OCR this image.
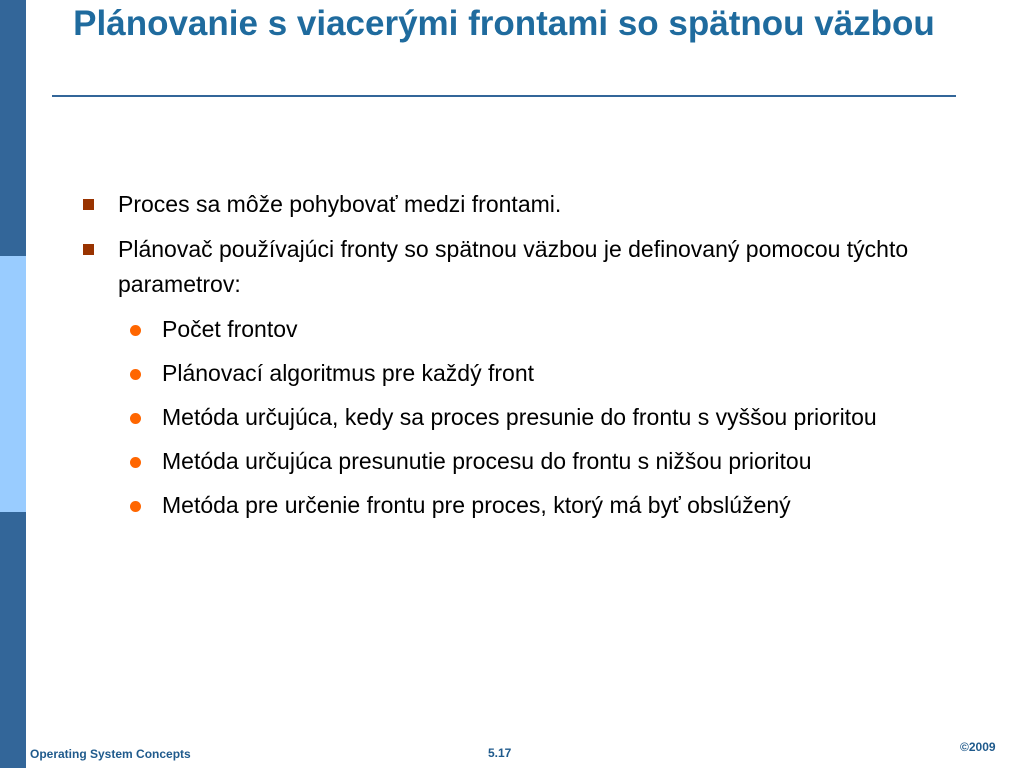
Plánovanie s viacerými frontami so spätnou väzbou
Proces sa môže pohybovať medzi frontami.
Plánovač používajúci fronty so spätnou väzbou je definovaný pomocou týchto parametrov:
Počet frontov
Plánovací algoritmus pre každý front
Metóda určujúca, kedy sa proces presunie do frontu s vyššou prioritou
Metóda určujúca presunutie procesu do frontu s nižšou prioritou
Metóda pre určenie frontu pre proces, ktorý má byť obslúžený
Operating System Concepts	5.17	©2009
